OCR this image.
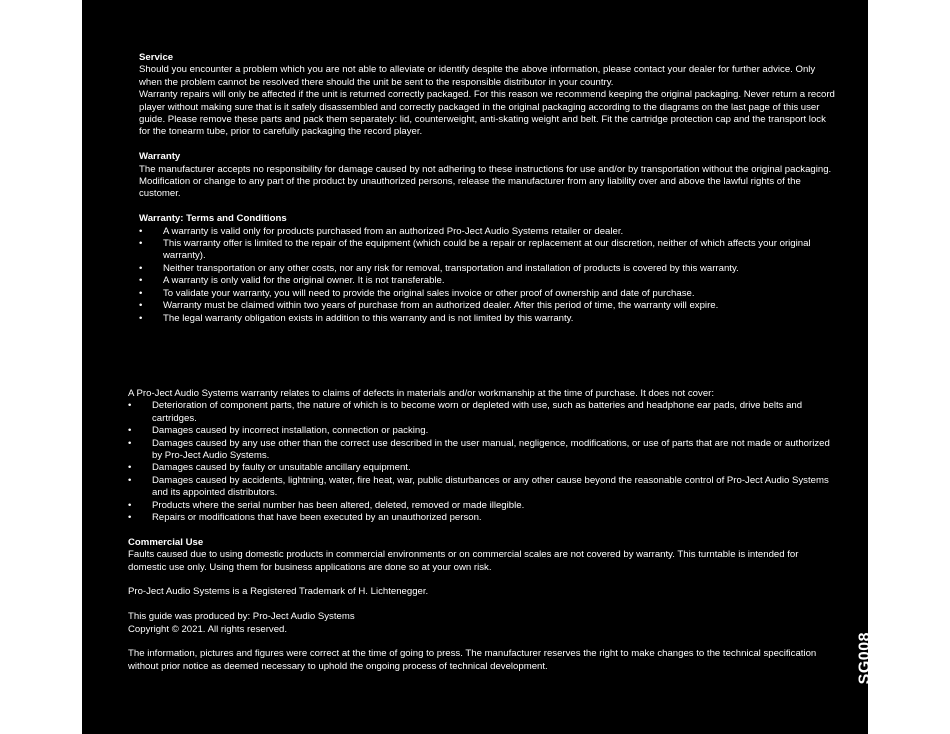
Service
Should you encounter a problem which you are not able to alleviate or identify despite the above information, please contact your dealer for further advice. Only when the problem cannot be resolved there should the unit be sent to the responsible distributor in your country.
Warranty repairs will only be affected if the unit is returned correctly packaged. For this reason we recommend keeping the original packaging. Never return a record player without making sure that is it safely disassembled and correctly packaged in the original packaging according to the diagrams on the last page of this user guide. Please remove these parts and pack them separately: lid, counterweight, anti-skating weight and belt. Fit the cartridge protection cap and the transport lock for the tonearm tube, prior to carefully packaging the record player.
Warranty
The manufacturer accepts no responsibility for damage caused by not adhering to these instructions for use and/or by transportation without the original packaging. Modification or change to any part of the product by unauthorized persons, release the manufacturer from any liability over and above the lawful rights of the customer.
Warranty: Terms and Conditions
• A warranty is valid only for products purchased from an authorized Pro-Ject Audio Systems retailer or dealer.
• This warranty offer is limited to the repair of the equipment (which could be a repair or replacement at our discretion, neither of which affects your original warranty).
• Neither transportation or any other costs, nor any risk for removal, transportation and installation of products is covered by this warranty.
• A warranty is only valid for the original owner. It is not transferable.
• To validate your warranty, you will need to provide the original sales invoice or other proof of ownership and date of purchase.
• Warranty must be claimed within two years of purchase from an authorized dealer. After this period of time, the warranty will expire.
• The legal warranty obligation exists in addition to this warranty and is not limited by this warranty.
A Pro-Ject Audio Systems warranty relates to claims of defects in materials and/or workmanship at the time of purchase. It does not cover:
• Deterioration of component parts, the nature of which is to become worn or depleted with use, such as batteries and headphone ear pads, drive belts and cartridges.
• Damages caused by incorrect installation, connection or packing.
• Damages caused by any use other than the correct use described in the user manual, negligence, modifications, or use of parts that are not made or authorized by Pro-Ject Audio Systems.
• Damages caused by faulty or unsuitable ancillary equipment.
• Damages caused by accidents, lightning, water, fire heat, war, public disturbances or any other cause beyond the reasonable control of Pro-Ject Audio Systems and its appointed distributors.
• Products where the serial number has been altered, deleted, removed or made illegible.
• Repairs or modifications that have been executed by an unauthorized person.
Commercial Use
Faults caused due to using domestic products in commercial environments or on commercial scales are not covered by warranty. This turntable is intended for domestic use only. Using them for business applications are done so at your own risk.
Pro-Ject Audio Systems is a Registered Trademark of H. Lichtenegger.
This guide was produced by: Pro-Ject Audio Systems
Copyright © 2021. All rights reserved.
The information, pictures and figures were correct at the time of going to press. The manufacturer reserves the right to make changes to the technical specification without prior notice as deemed necessary to uphold the ongoing process of technical development.	SG008
